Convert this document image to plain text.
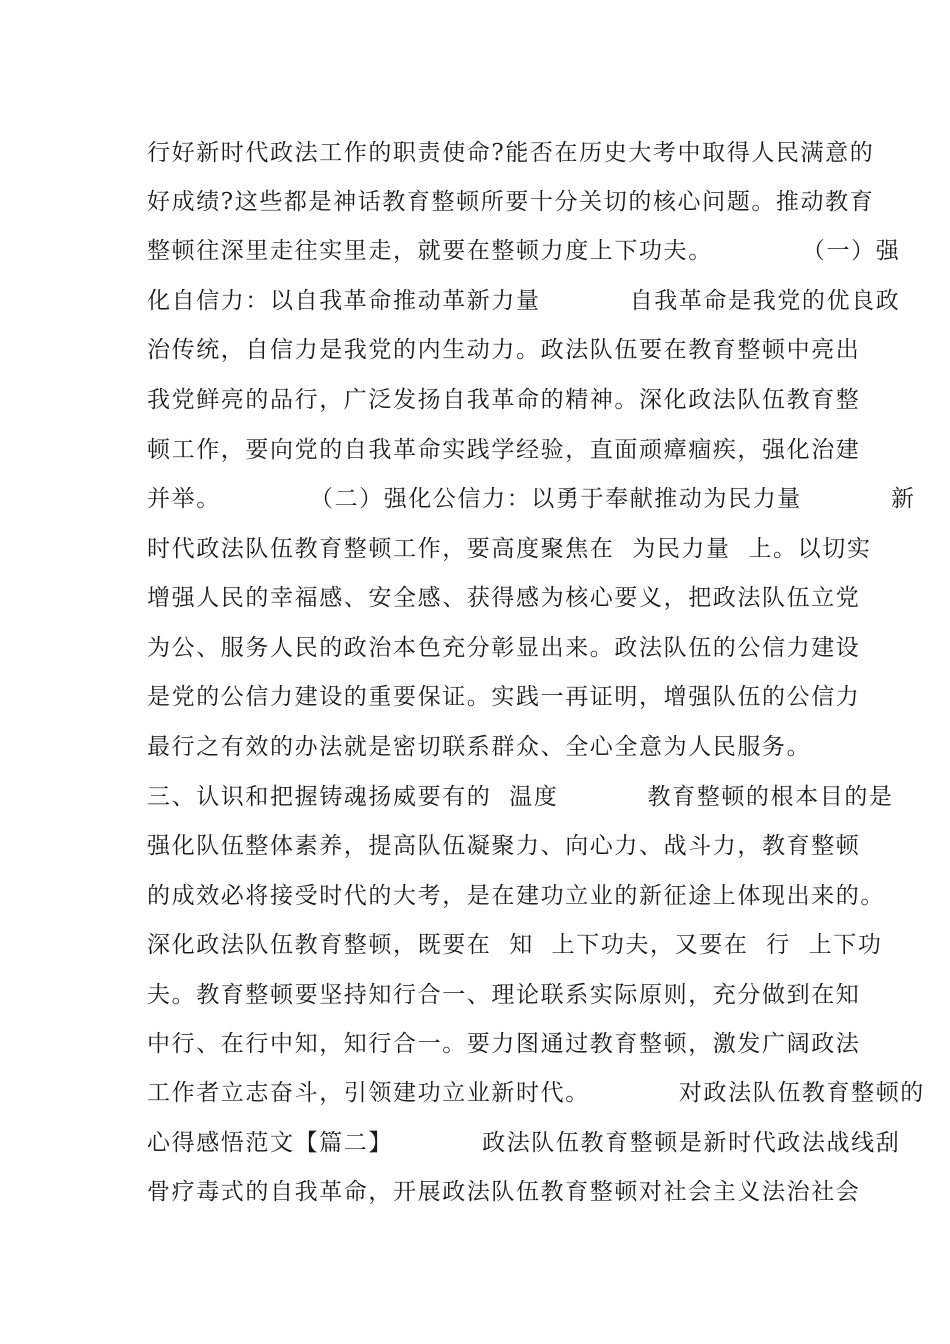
行好新时代政法工作的职责使命?能否在历史大考中取得人民满意的
好成绩?这些都是神话教育整顿所要十分关切的核心问题。推动教育
整顿往深里走往实里走，就要在整顿力度上下功夫。          （一）强
化自信力：以自我革命推动革新力量          自我革命是我党的优良政
治传统，自信力是我党的内生动力。政法队伍要在教育整顿中亮出
我党鲜亮的品行，广泛发扬自我革命的精神。深化政法队伍教育整
顿工作，要向党的自我革命实践学经验，直面顽瘴痼疾，强化治建
并举。          （二）强化公信力：以勇于奉献推动为民力量          新
时代政法队伍教育整顿工作，要高度聚焦在  为民力量  上。以切实
增强人民的幸福感、安全感、获得感为核心要义，把政法队伍立党
为公、服务人民的政治本色充分彰显出来。政法队伍的公信力建设
是党的公信力建设的重要保证。实践一再证明，增强队伍的公信力
最行之有效的办法就是密切联系群众、全心全意为人民服务。
三、认识和把握铸魂扬威要有的  温度          教育整顿的根本目的是
强化队伍整体素养，提高队伍凝聚力、向心力、战斗力，教育整顿
的成效必将接受时代的大考，是在建功立业的新征途上体现出来的。
深化政法队伍教育整顿，既要在  知  上下功夫，又要在  行  上下功
夫。教育整顿要坚持知行合一、理论联系实际原则，充分做到在知
中行、在行中知，知行合一。要力图通过教育整顿，激发广阔政法
工作者立志奋斗，引领建功立业新时代。          对政法队伍教育整顿的
心得感悟范文【篇二】          政法队伍教育整顿是新时代政法战线刮
骨疗毒式的自我革命，开展政法队伍教育整顿对社会主义法治社会
